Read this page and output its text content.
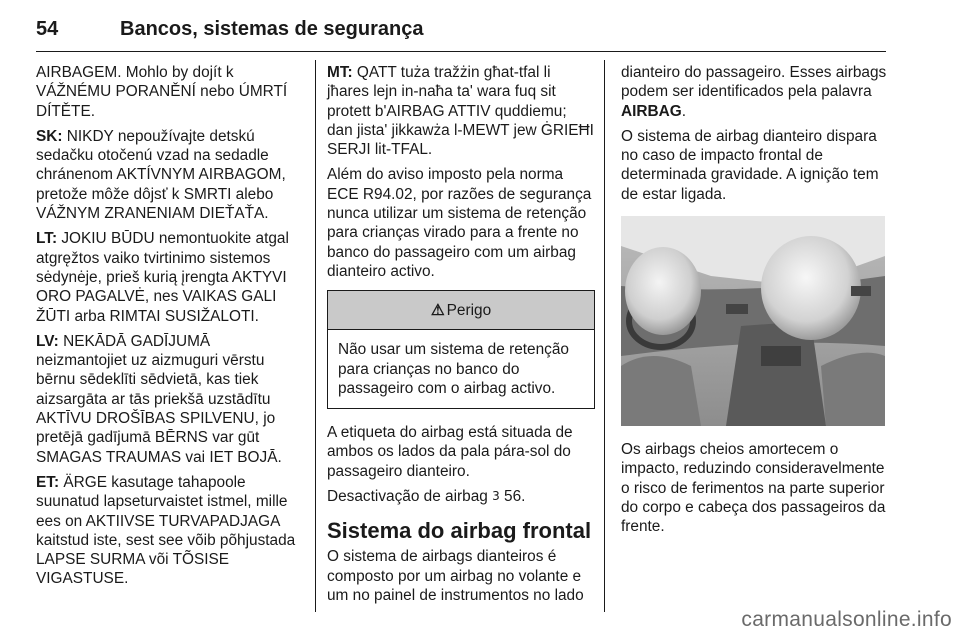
54	Bancos, sistemas de segurança

AIRBAGEM. Mohlo by dojít k VÁŽNÉMU PORANĚNÍ nebo ÚMRTÍ DÍTĚTE.

SK: NIKDY nepoužívajte detskú sedačku otočenú vzad na sedadle chránenom AKTÍVNYM AIRBAGOM, pretože môže dôjsť k SMRTI alebo VÁŽNYM ZRANENIAM DIEŤAŤA.

LT: JOKIU BŪDU nemontuokite atgal atgręžtos vaiko tvirtinimo sistemos sėdynėje, prieš kurią įrengta AKTYVI ORO PAGALVĖ, nes VAIKAS GALI ŽŪTI arba RIMTAI SUSIŽALOTI.

LV: NEKĀDĀ GADĪJUMĀ neizmantojiet uz aizmuguri vērstu bērnu sēdeklīti sēdvietā, kas tiek aizsargāta ar tās priekšā uzstādītu AKTĪVU DROŠĪBAS SPILVENU, jo pretējā gadījumā BĒRNS var gūt SMAGAS TRAUMAS vai IET BOJĀ.

ET: ÄRGE kasutage tahapoole suunatud lapseturvaistet istmel, mille ees on AKTIIVSE TURVAPADJAGA kaitstud iste, sest see võib põhjustada LAPSE SURMA või TÕSISE VIGASTUSE.

MT: QATT tuża tražżin għat-tfal li jħares lejn in-naħa ta' wara fuq sit protett b'AIRBAG ATTIV quddiemu; dan jista' jikkawża l-MEWT jew ĠRIEĦI SERJI lit-TFAL.

Além do aviso imposto pela norma ECE R94.02, por razões de segurança nunca utilizar um sistema de retenção para crianças virado para a frente no banco do passageiro com um airbag dianteiro activo.

⚠ Perigo
Não usar um sistema de retenção para crianças no banco do passageiro com o airbag activo.

A etiqueta do airbag está situada de ambos os lados da pala pára-sol do passageiro dianteiro.

Desactivação de airbag 3 56.

Sistema do airbag frontal

O sistema de airbags dianteiros é composto por um airbag no volante e um no painel de instrumentos no lado

dianteiro do passageiro. Esses airbags podem ser identificados pela palavra AIRBAG.

O sistema de airbag dianteiro dispara no caso de impacto frontal de determinada gravidade. A ignição tem de estar ligada.

Os airbags cheios amortecem o impacto, reduzindo consideravelmente o risco de ferimentos na parte superior do corpo e cabeça dos passageiros da frente.

carmanualsonline.info
